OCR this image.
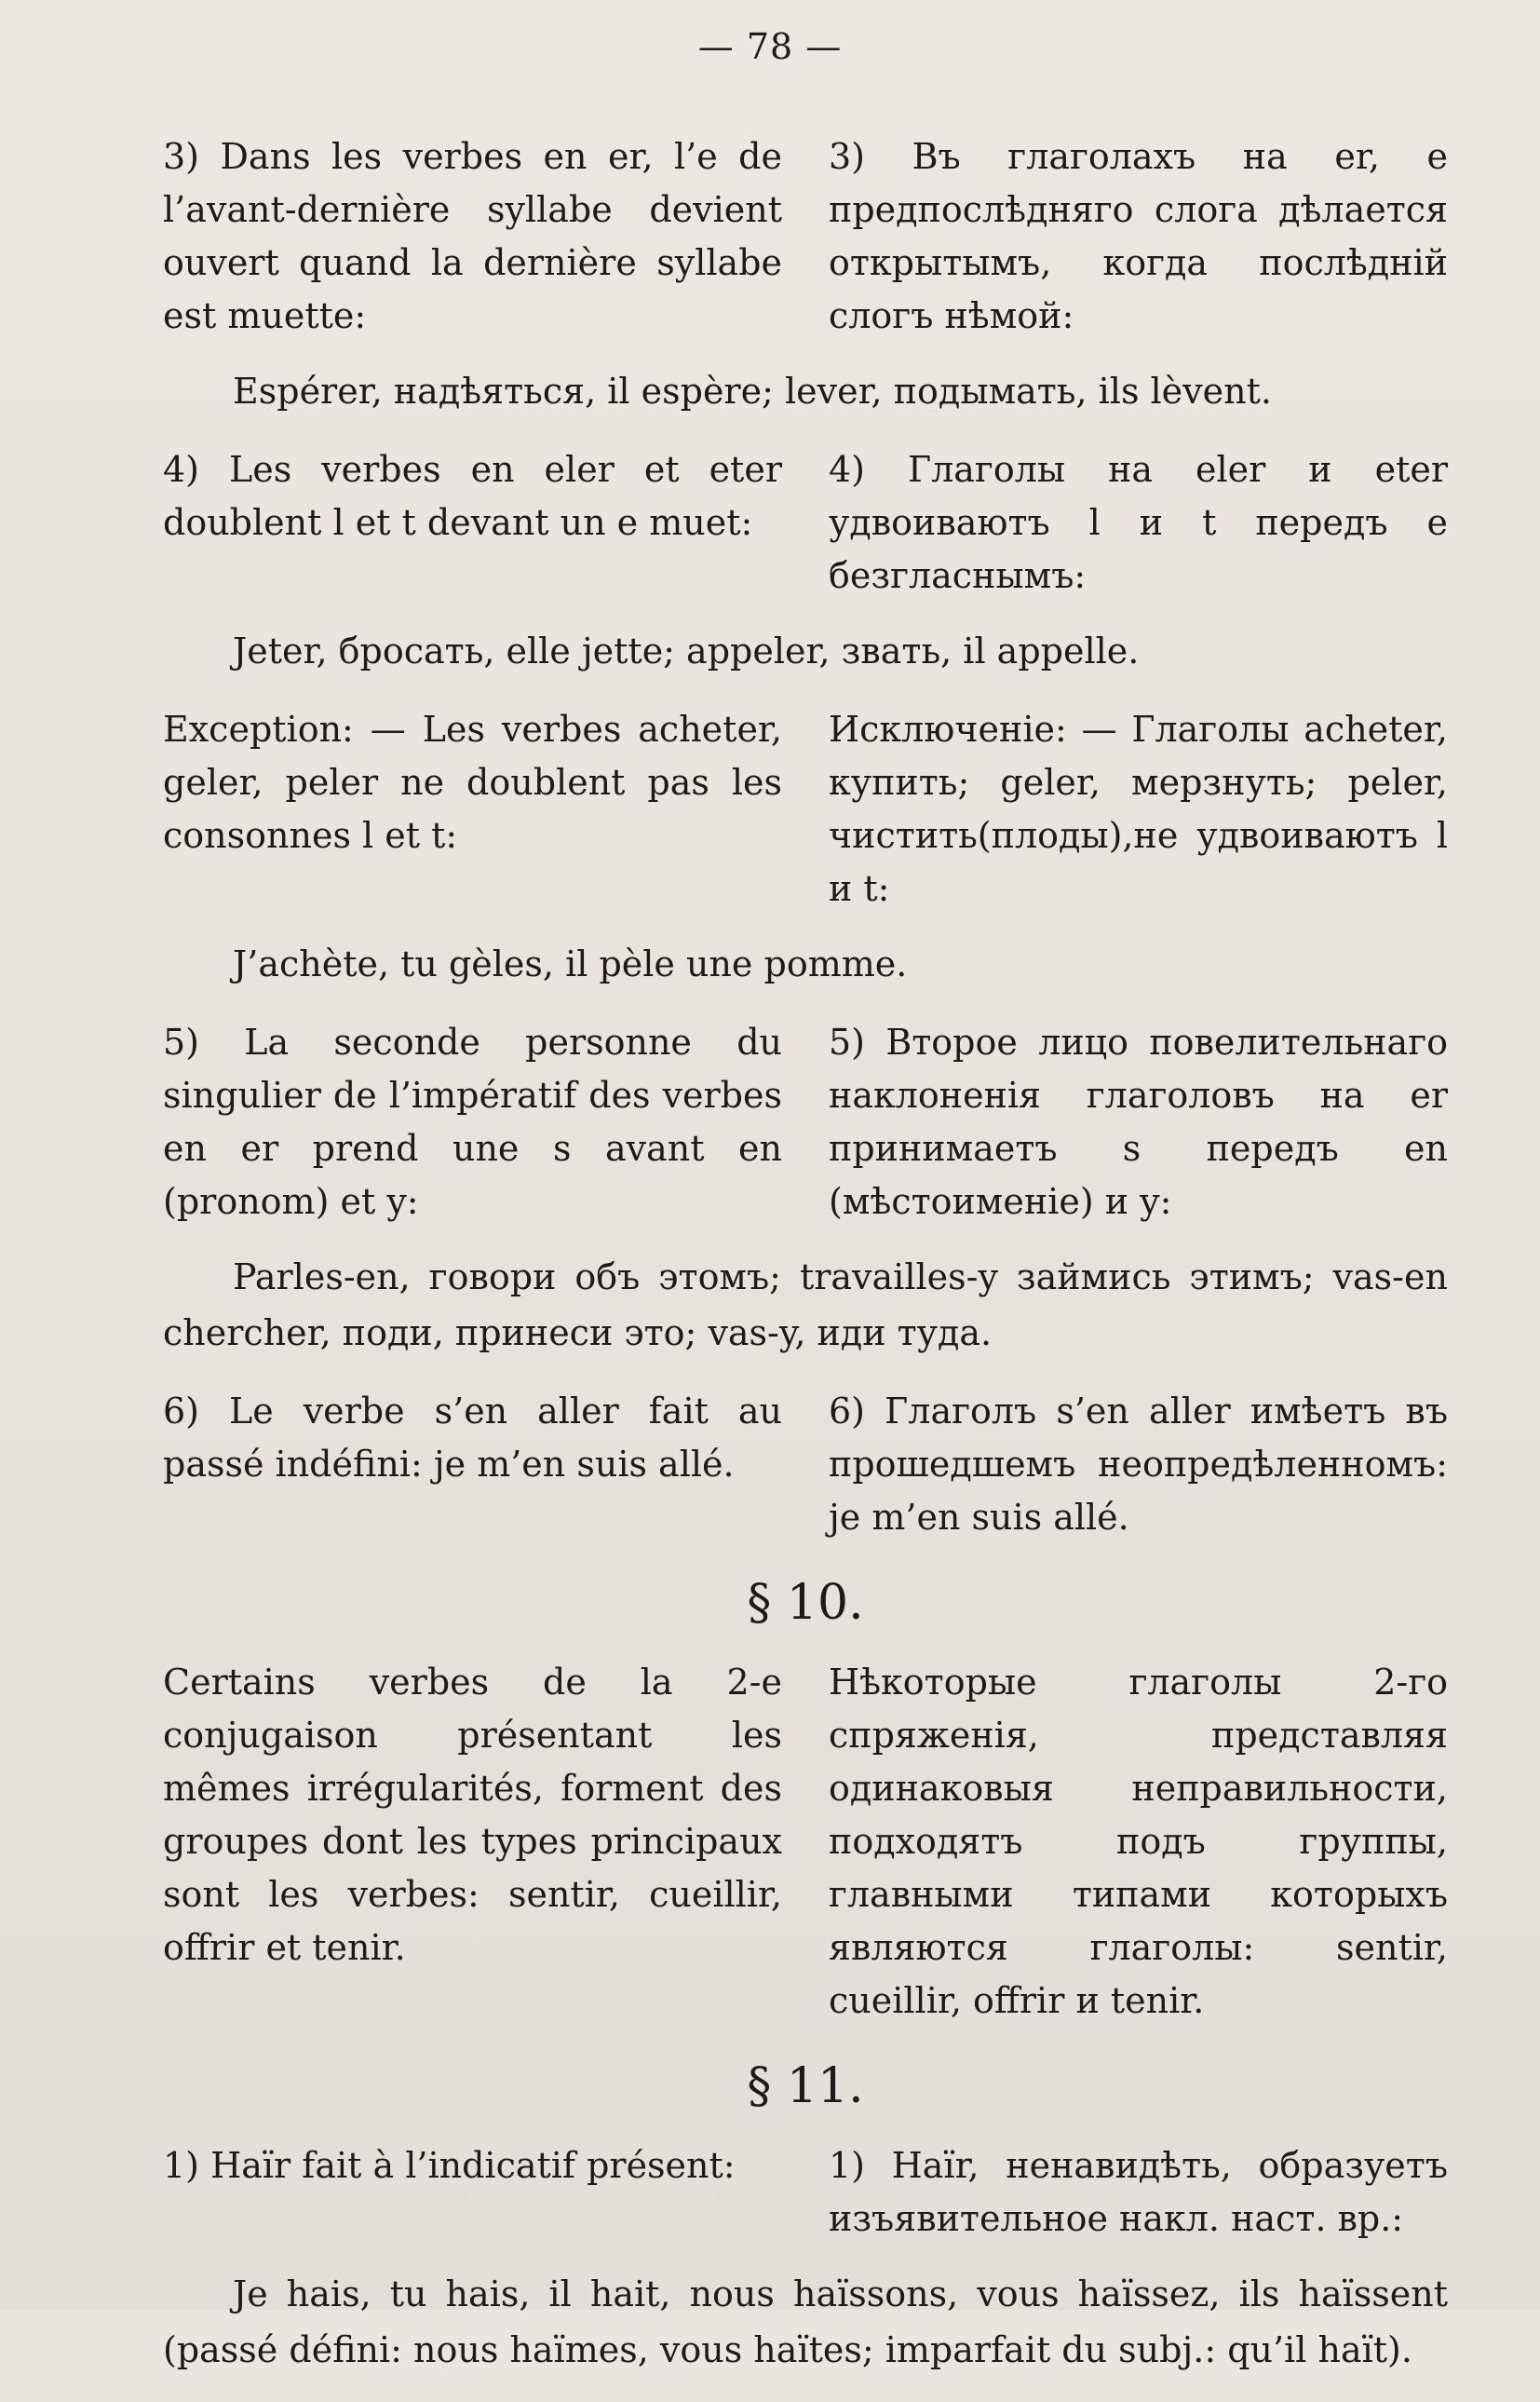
— 78 —
3) Dans les verbes en er, l’e de l’avant-dernière syllabe devient ouvert quand la dernière syllabe est muette:
3) Въ глаголахъ на er, e предпослѣдняго слога дѣлается открытымъ, когда послѣдній слогъ нѣмой:
Espérer, надѣяться, il espère; lever, подымать, ils lèvent.
4) Les verbes en eler et eter doublent l et t devant un e muet:
4) Глаголы на eler и eter удвоиваютъ l и t передъ e безгласнымъ:
Jeter, бросать, elle jette; appeler, звать, il appelle.
Exception: — Les verbes acheter, geler, peler ne doublent pas les consonnes l et t:
Исключеніе: — Глаголы acheter, купить; geler, мерзнуть; peler, чистить(плоды),не удвоиваютъ l и t:
J’achète, tu gèles, il pèle une pomme.
5) La seconde personne du singulier de l’impératif des verbes en er prend une s avant en (pronom) et y:
5) Второе лицо повелительнаго наклоненія глаголовъ на er принимаетъ s передъ en (мѣстоименіе) и y:
Parles-en, говори объ этомъ; travailles-y займись этимъ; vas-en chercher, поди, принеси это; vas-y, иди туда.
6) Le verbe s’en aller fait au passé indéfini: je m’en suis allé.
6) Глаголъ s’en aller имѣетъ въ прошедшемъ неопредѣленномъ: je m’en suis allé.
§ 10.
Certains verbes de la 2-e conjugaison présentant les mêmes irrégularités, forment des groupes dont les types principaux sont les verbes: sentir, cueillir, offrir et tenir.
Нѣкоторые глаголы 2-го спряженія, представляя одинаковыя неправильности, подходятъ подъ группы, главными типами которыхъ являются глаголы: sentir, cueillir, offrir и tenir.
§ 11.
1) Haïr fait à l’indicatif présent:	1) Haïr, ненавидѣть, образуетъ изъявительное накл. наст. вр.:
Je hais, tu hais, il hait, nous haïssons, vous haïssez, ils haïssent (passé défini: nous haïmes, vous haïtes; imparfait du subj.: qu’il haït).
